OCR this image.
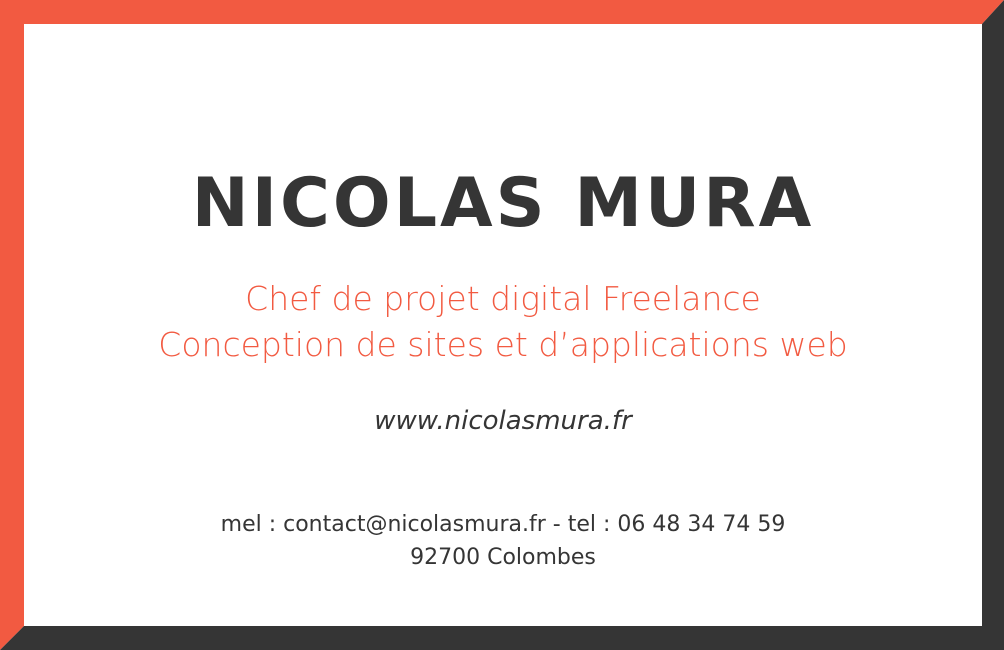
NICOLAS MURA
Chef de projet digital Freelance
Conception de sites et d’applications web
www.nicolasmura.fr
mel : contact@nicolasmura.fr - tel : 06 48 34 74 59
92700 Colombes
